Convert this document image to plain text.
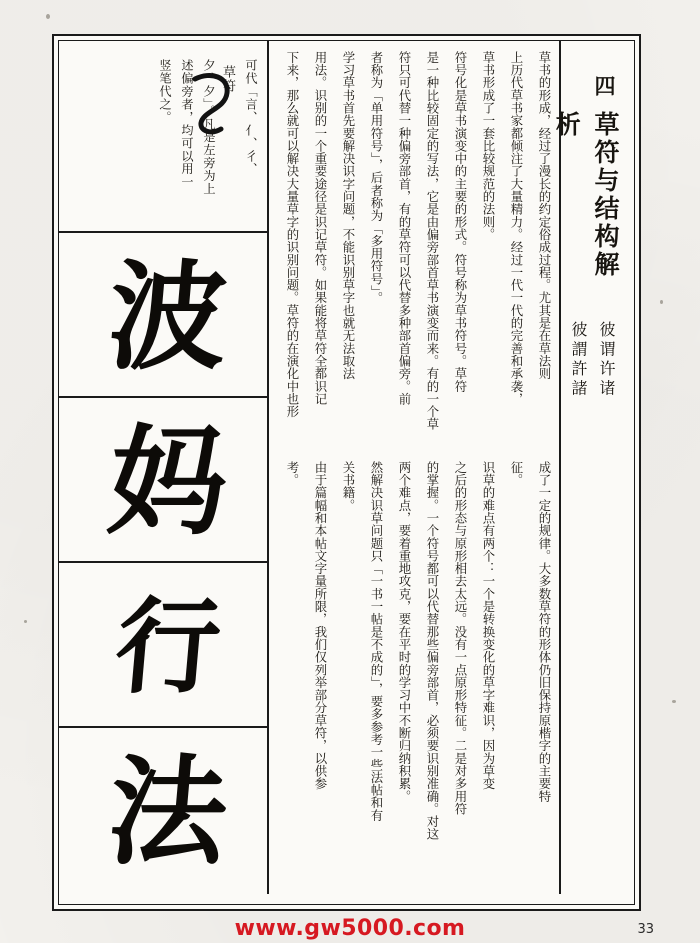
草符 可代「言、亻、彳、
夕、夕」。凡是左旁为上
述偏旁者，均可以用一
竖笔代之。
波
妈
行
法
草书的形成，经过了漫长的约定俗成过程。尤其是在草法则
上历代草书家都倾注了大量精力。经过一代一代的完善和承袭，
草书形成了一套比较规范的法则。
符号化是草书演变中的主要的形式。符号称为草书符号。草符
是一种比较固定的写法，它是由偏旁部首草书演变而来。有的一个草
符只可代替一种偏旁部首，有的草符可以代替多种部首偏旁。前
者称为「单用符号」，后者称为「多用符号」。
学习草书首先要解决识字问题，不能识别草字也就无法取法
用法。识别的一个重要途径是识记草符。如果能将草符全都识记
下来，那么就可以解决大量草字的识别问题。草符的在演化中也形
成了一定的规律。大多数草符的形体仍旧保持原楷字的主要特
征。
识草的难点有两个：一个是转换变化的草字难识，因为草变
之后的形态与原形相去太远。没有一点原形特征。二是对多用符
的掌握。一个符号都可以代替那些偏旁部首，必须要识别准确。对这
两个难点，要着重地攻克，要在平时的学习中不断归纳积累。
然解决识草问题只「一书一帖是不成的」，要多参考一些法帖和有
关书籍。
由于篇幅和本帖文字量所限，我们仅列举部分草符，以供参
考。
四
草符与结构解析
彼谓许诸
彼謂許諸
33
www.gw5000.com
